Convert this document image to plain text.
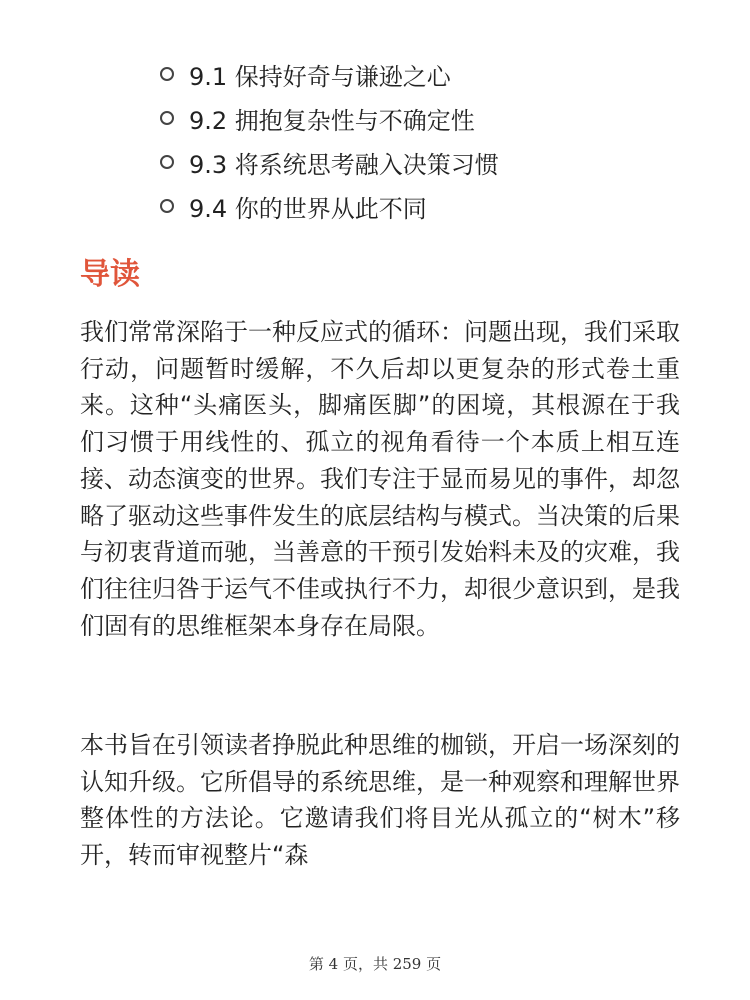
9.1 保持好奇与谦逊之心
9.2 拥抱复杂性与不确定性
9.3 将系统思考融入决策习惯
9.4 你的世界从此不同
导读

我们常常深陷于一种反应式的循环：问题出现，我们采取行动，问题暂时缓解，不久后却以更复杂的形式卷土重来。这种“头痛医头，脚痛医脚”的困境，其根源在于我们习惯于用线性的、孤立的视角看待一个本质上相互连接、动态演变的世界。我们专注于显而易见的事件，却忽略了驱动这些事件发生的底层结构与模式。当决策的后果与初衷背道而驰，当善意的干预引发始料未及的灾难，我们往往归咎于运气不佳或执行不力，却很少意识到，是我们固有的思维框架本身存在局限。

本书旨在引领读者挣脱此种思维的枷锁，开启一场深刻的认知升级。它所倡导的系统思维，是一种观察和理解世界整体性的方法论。它邀请我们将目光从孤立的“树木”移开，转而审视整片“森

第 4 页，共 259 页
